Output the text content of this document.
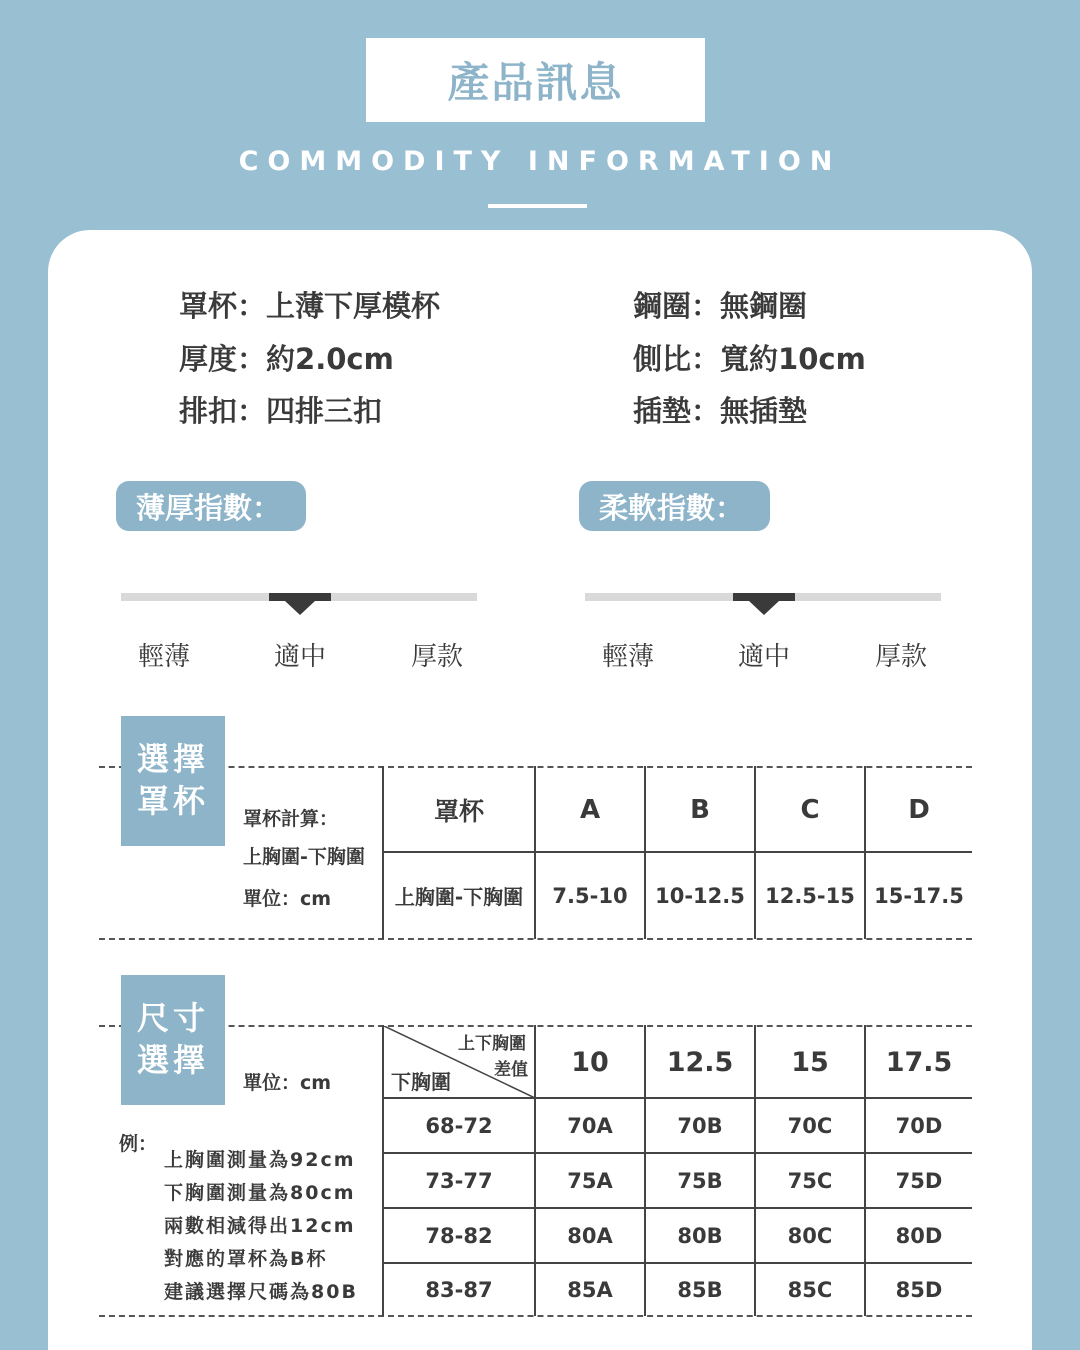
產品訊息
COMMODITY INFORMATION
罩杯：上薄下厚模杯	鋼圈：無鋼圈
厚度：約2.0cm	側比：寬約10cm
排扣：四排三扣	插墊：無插墊
薄厚指數：	柔軟指數：
輕薄	適中	厚款	輕薄	適中	厚款
選擇
罩杯	罩杯計算：
上胸圍-下胸圍
單位：cm
罩杯	A	B	C	D
上胸圍-下胸圍	7.5-10	10-12.5 12.5-15 15-17.5
尺寸
選擇
單位：cm
例：
上胸圍測量為92cm
下胸圍測量為80cm
兩數相減得出12cm
對應的罩杯為B杯
建議選擇尺碼為80B
上下胸圍
差值
下胸圍
10	12.5	15	17.5
68-72	70A	70B	70C	70D
73-77	75A	75B	75C	75D
78-82	80A	80B	80C	80D
83-87	85A	85B	85C	85D
